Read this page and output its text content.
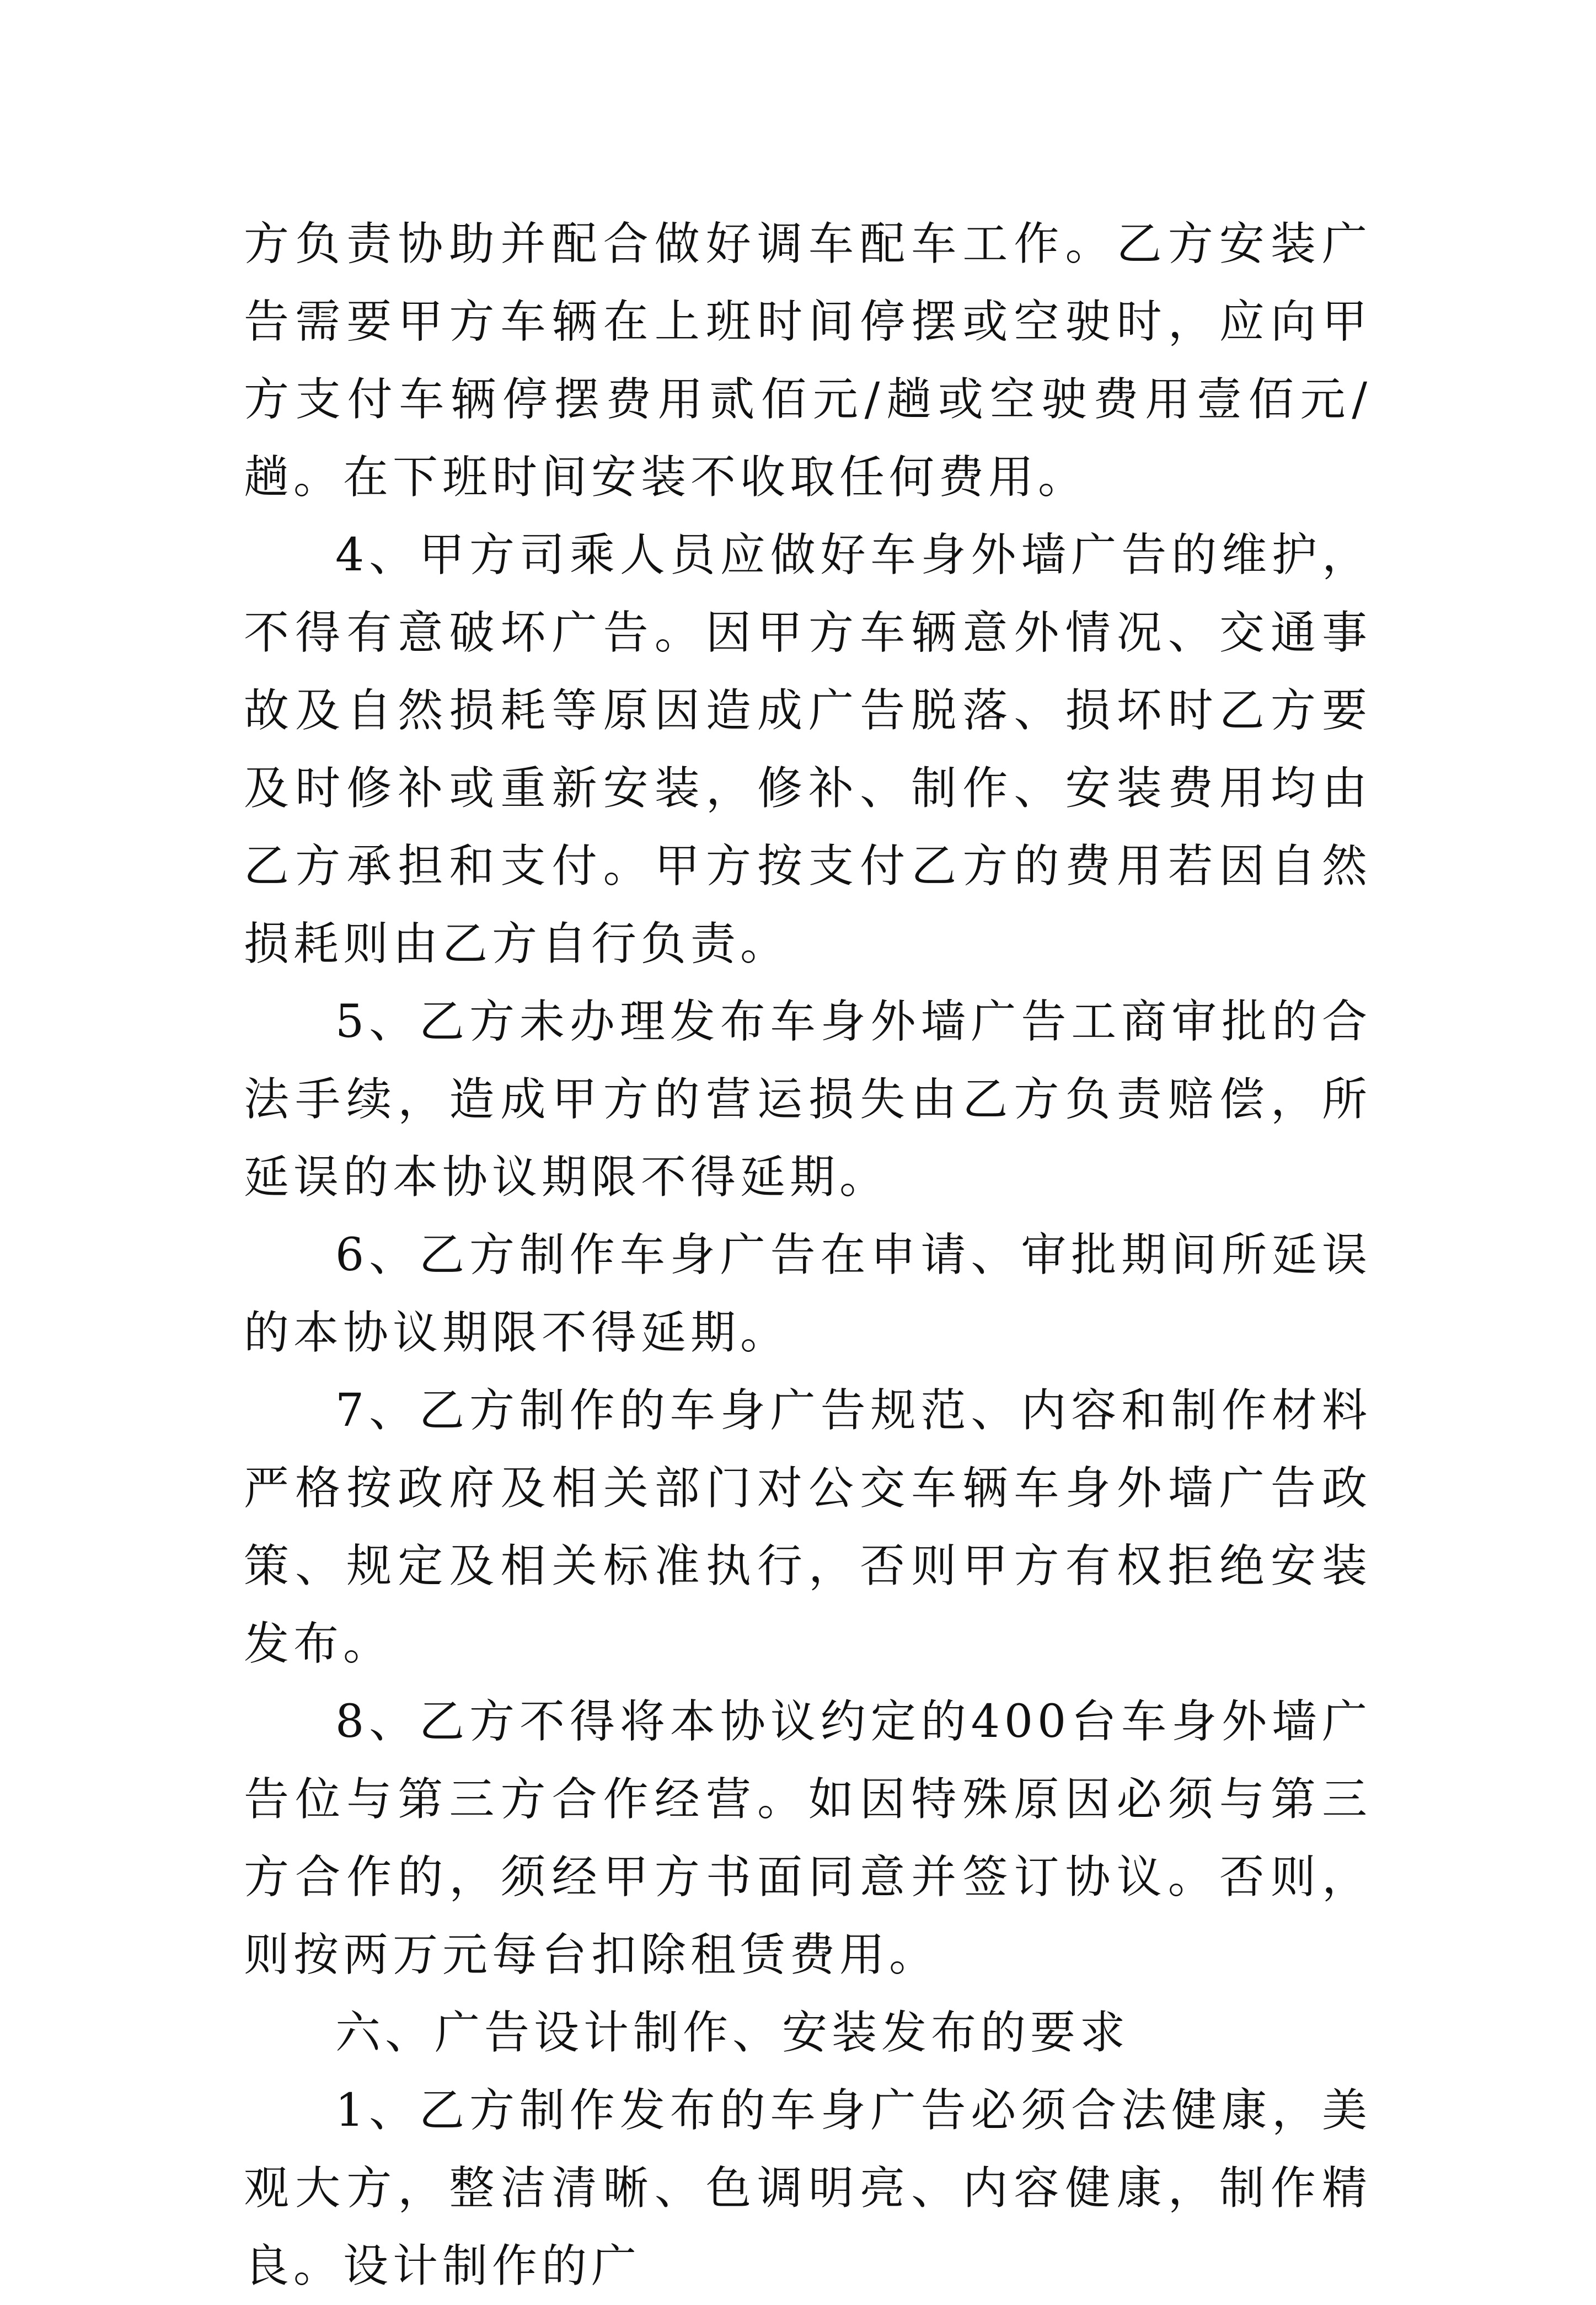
方负责协助并配合做好调车配车工作。乙方安装广告需要甲方车辆在上班时间停摆或空驶时，应向甲方支付车辆停摆费用贰佰元/趟或空驶费用壹佰元/趟。在下班时间安装不收取任何费用。

4、甲方司乘人员应做好车身外墙广告的维护，不得有意破坏广告。因甲方车辆意外情况、交通事故及自然损耗等原因造成广告脱落、损坏时乙方要及时修补或重新安装，修补、制作、安装费用均由乙方承担和支付。甲方按支付乙方的费用若因自然损耗则由乙方自行负责。

5、乙方未办理发布车身外墙广告工商审批的合法手续，造成甲方的营运损失由乙方负责赔偿，所延误的本协议期限不得延期。

6、乙方制作车身广告在申请、审批期间所延误的本协议期限不得延期。

7、乙方制作的车身广告规范、内容和制作材料严格按政府及相关部门对公交车辆车身外墙广告政策、规定及相关标准执行，否则甲方有权拒绝安装发布。

8、乙方不得将本协议约定的400台车身外墙广告位与第三方合作经营。如因特殊原因必须与第三方合作的，须经甲方书面同意并签订协议。否则，则按两万元每台扣除租赁费用。

六、广告设计制作、安装发布的要求

1、乙方制作发布的车身广告必须合法健康，美观大方，整洁清晰、色调明亮、内容健康，制作精良。设计制作的广
